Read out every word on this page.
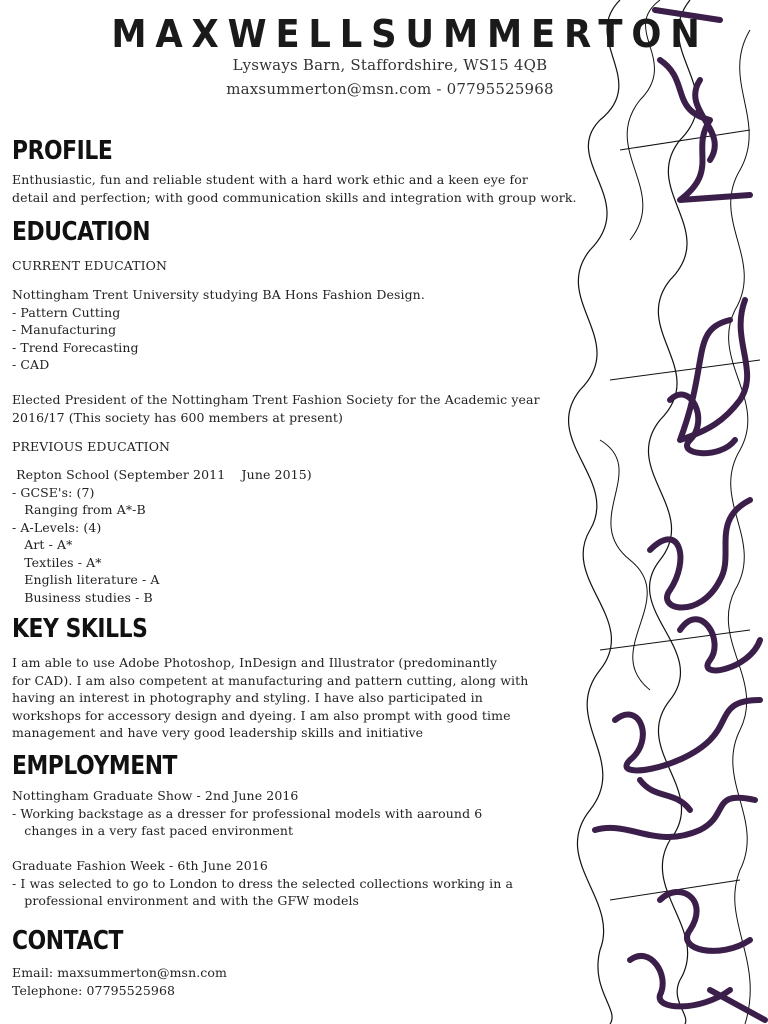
MAXWELLSUMMERTON
Lysways Barn, Staffordshire, WS15 4QB
maxsummerton@msn.com - 07795525968
PROFILE

Enthusiastic, fun and reliable student with a hard work ethic and a keen eye for

detail and perfection; with good communication skills and integration with group work.

EDUCATION

CURRENT EDUCATION

Nottingham Trent University studying BA Hons Fashion Design.

- Pattern Cutting

- Manufacturing

- Trend Forecasting

- CAD

Elected President of the Nottingham Trent Fashion Society for the Academic year

2016/17 (This society has 600 members at present)

PREVIOUS EDUCATION

Repton School (September 2011    June 2015)

- GCSE's: (7)

Ranging from A*-B

- A-Levels: (4)

Art - A*

Textiles - A*

English literature - A

Business studies - B

KEY SKILLS

I am able to use Adobe Photoshop, InDesign and Illustrator (predominantly

for CAD). I am also competent at manufacturing and pattern cutting, along with

having an interest in photography and styling. I have also participated in

workshops for accessory design and dyeing. I am also prompt with good time

management and have very good leadership skills and initiative

EMPLOYMENT

Nottingham Graduate Show - 2nd June 2016

- Working backstage as a dresser for professional models with aaround 6

changes in a very fast paced environment

Graduate Fashion Week - 6th June 2016

- I was selected to go to London to dress the selected collections working in a

professional environment and with the GFW models

CONTACT

Email: maxsummerton@msn.com

Telephone: 07795525968
